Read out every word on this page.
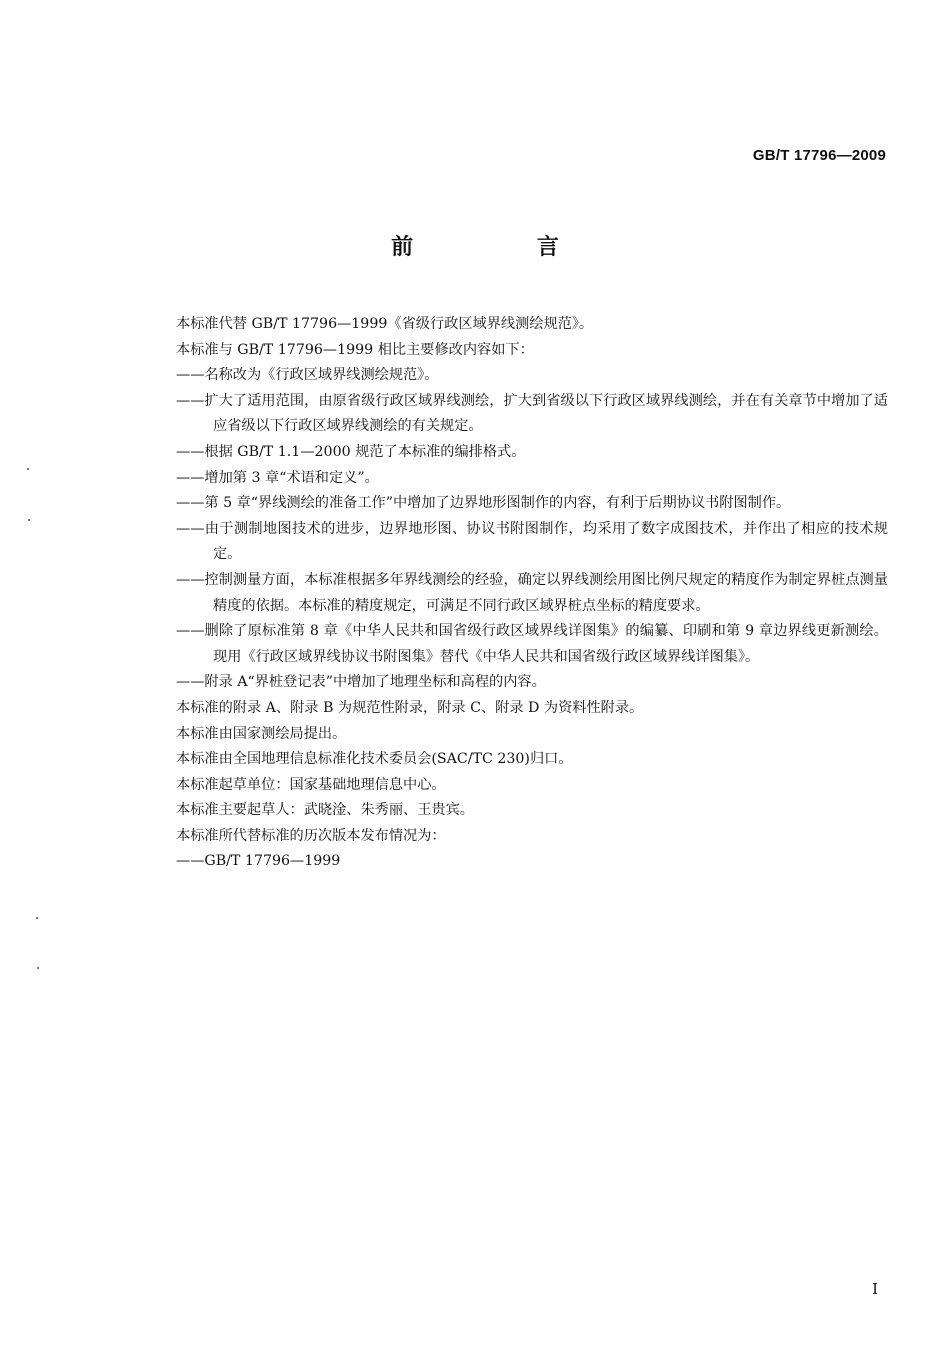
GB/T 17796—2009
前 言

本标准代替 GB/T 17796—1999《省级行政区域界线测绘规范》。

本标准与 GB/T 17796—1999 相比主要修改内容如下：

——名称改为《行政区域界线测绘规范》。

——扩大了适用范围，由原省级行政区域界线测绘，扩大到省级以下行政区域界线测绘，并在有关章节中增加了适应省级以下行政区域界线测绘的有关规定。

——根据 GB/T 1.1—2000 规范了本标准的编排格式。

——增加第 3 章“术语和定义”。

——第 5 章“界线测绘的准备工作”中增加了边界地形图制作的内容，有利于后期协议书附图制作。

——由于测制地图技术的进步，边界地形图、协议书附图制作，均采用了数字成图技术，并作出了相应的技术规定。

——控制测量方面，本标准根据多年界线测绘的经验，确定以界线测绘用图比例尺规定的精度作为制定界桩点测量精度的依据。本标准的精度规定，可满足不同行政区域界桩点坐标的精度要求。

——删除了原标准第 8 章《中华人民共和国省级行政区域界线详图集》的编纂、印刷和第 9 章边界线更新测绘。现用《行政区域界线协议书附图集》替代《中华人民共和国省级行政区域界线详图集》。

——附录 A“界桩登记表”中增加了地理坐标和高程的内容。

本标准的附录 A、附录 B 为规范性附录，附录 C、附录 D 为资料性附录。

本标准由国家测绘局提出。

本标准由全国地理信息标准化技术委员会(SAC/TC 230)归口。

本标准起草单位：国家基础地理信息中心。

本标准主要起草人：武晓淦、朱秀丽、王贵宾。

本标准所代替标准的历次版本发布情况为：

——GB/T 17796—1999

I
